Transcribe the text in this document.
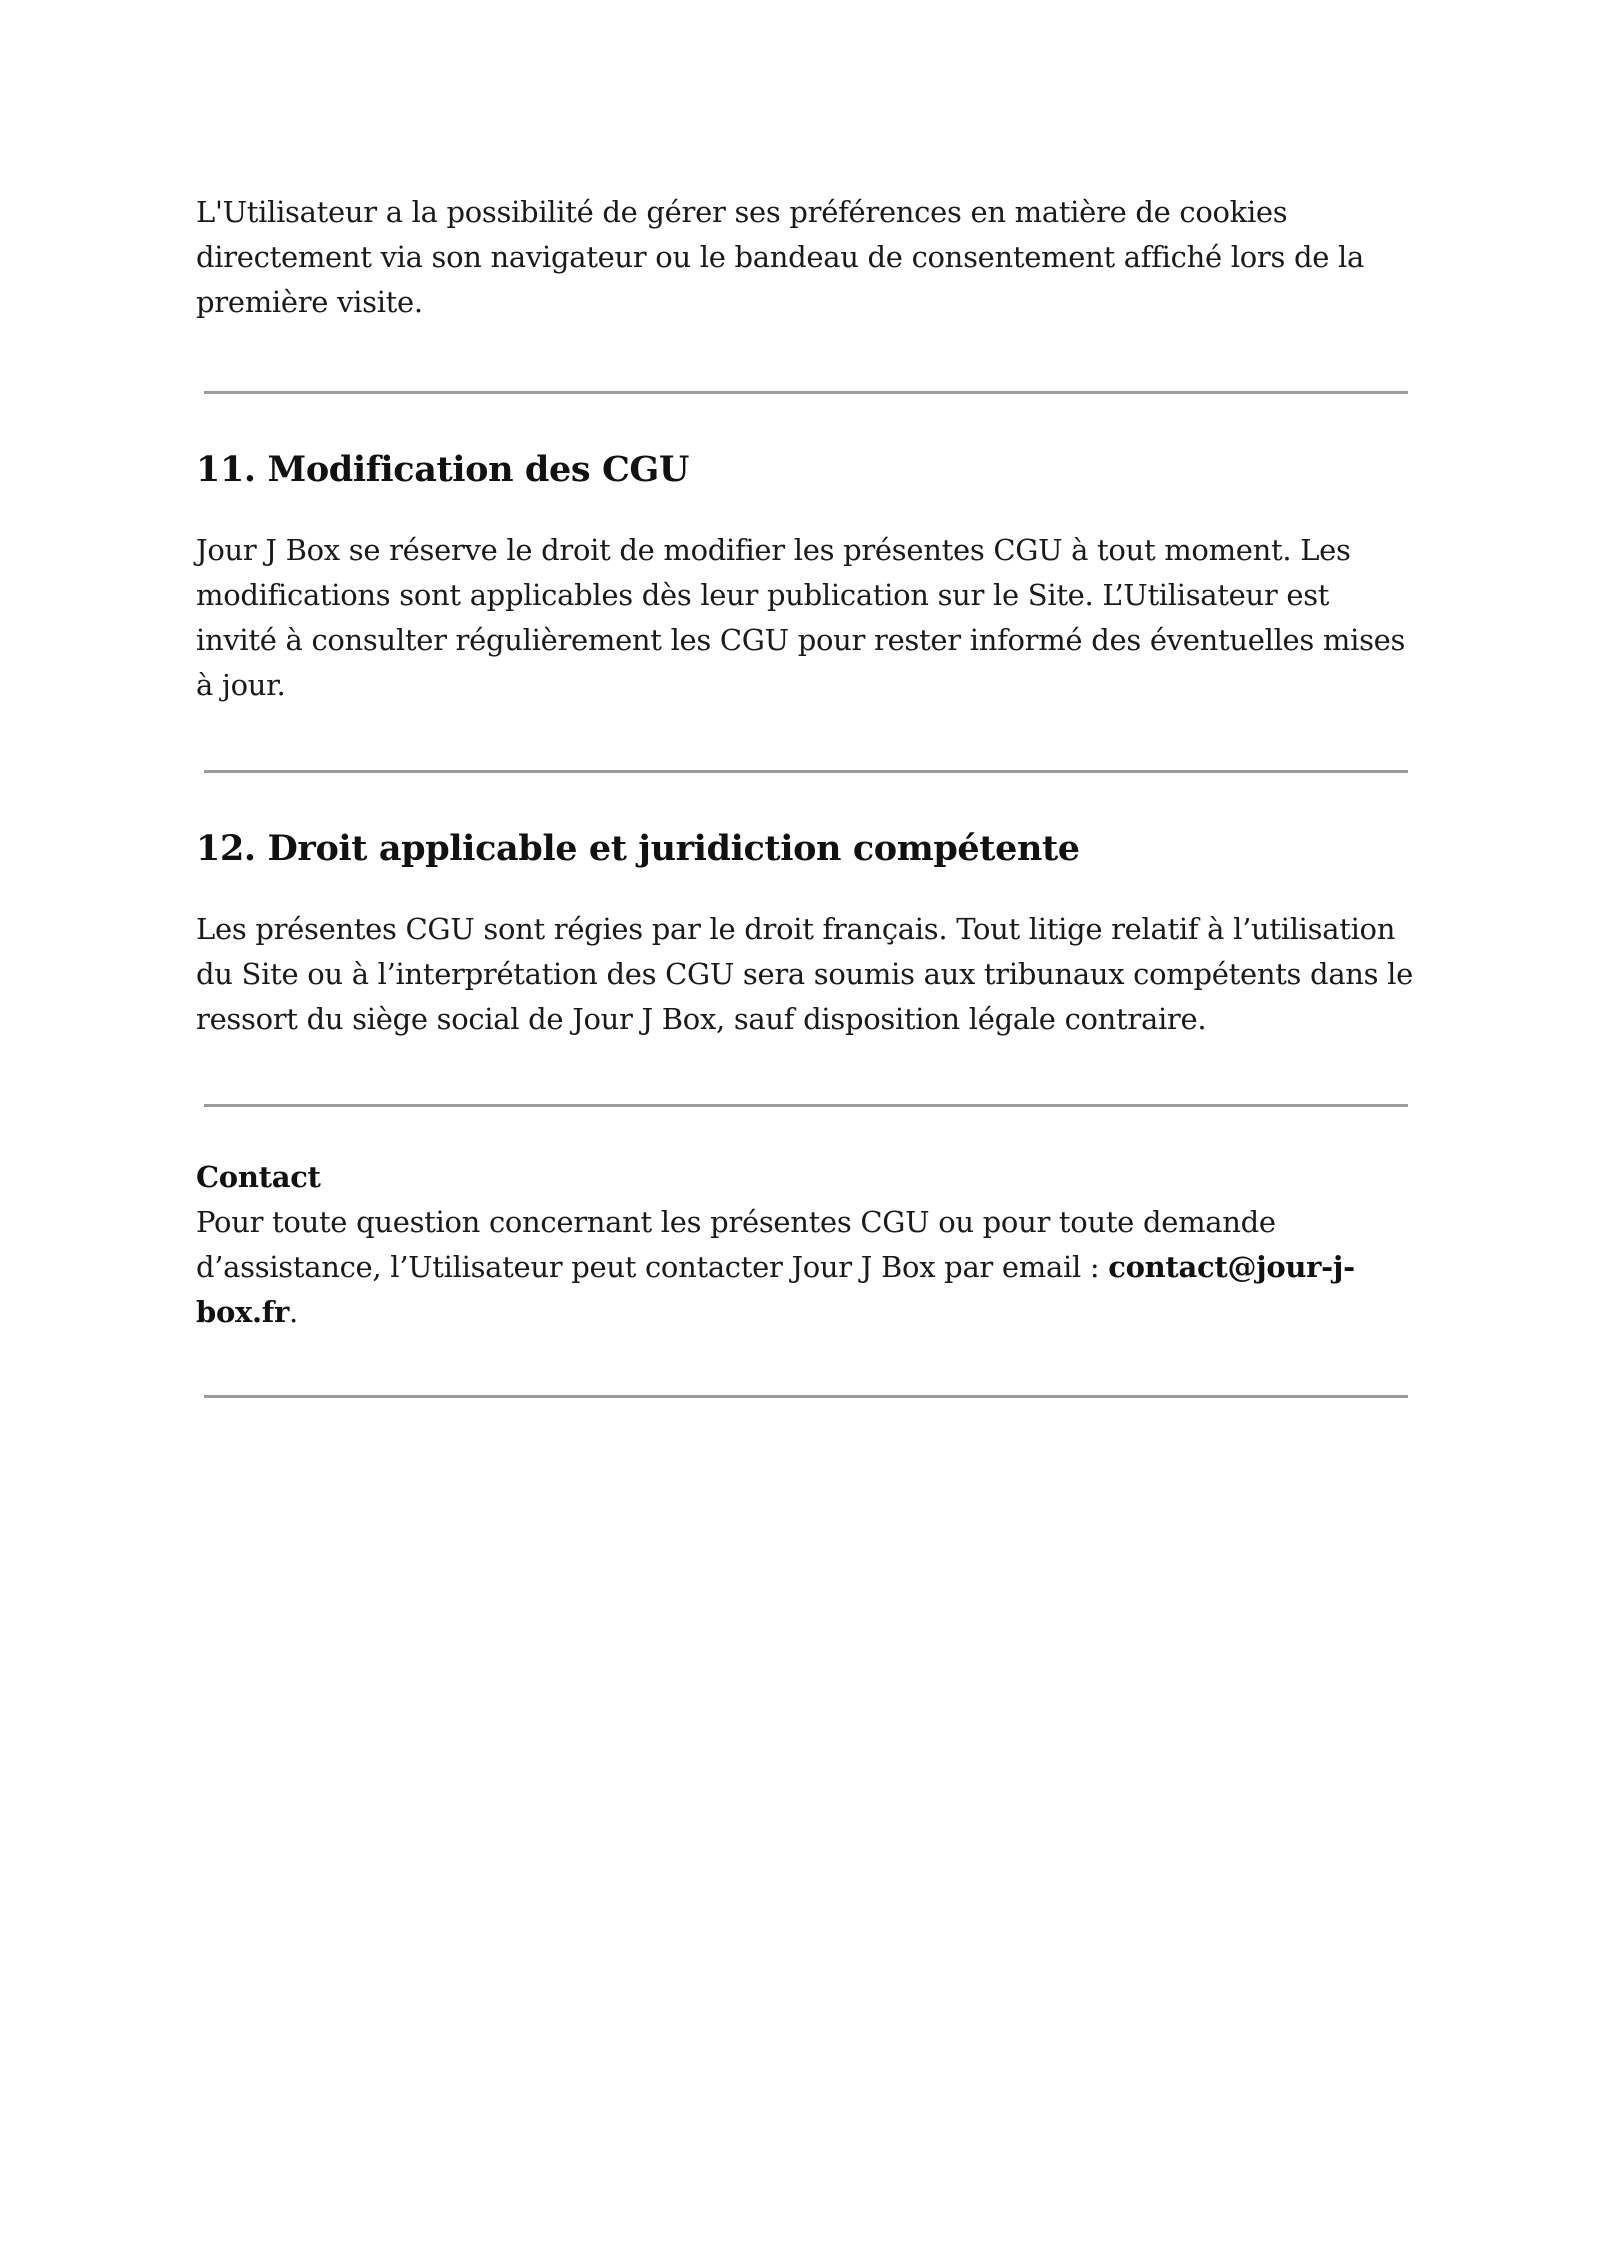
L'Utilisateur a la possibilité de gérer ses préférences en matière de cookies directement via son navigateur ou le bandeau de consentement affiché lors de la première visite.

11. Modification des CGU

Jour J Box se réserve le droit de modifier les présentes CGU à tout moment. Les modifications sont applicables dès leur publication sur le Site. L’Utilisateur est invité à consulter régulièrement les CGU pour rester informé des éventuelles mises à jour.

12. Droit applicable et juridiction compétente

Les présentes CGU sont régies par le droit français. Tout litige relatif à l’utilisation du Site ou à l’interprétation des CGU sera soumis aux tribunaux compétents dans le ressort du siège social de Jour J Box, sauf disposition légale contraire.

Contact

Pour toute question concernant les présentes CGU ou pour toute demande d’assistance, l’Utilisateur peut contacter Jour J Box par email : contact@jour-j-box.fr.
